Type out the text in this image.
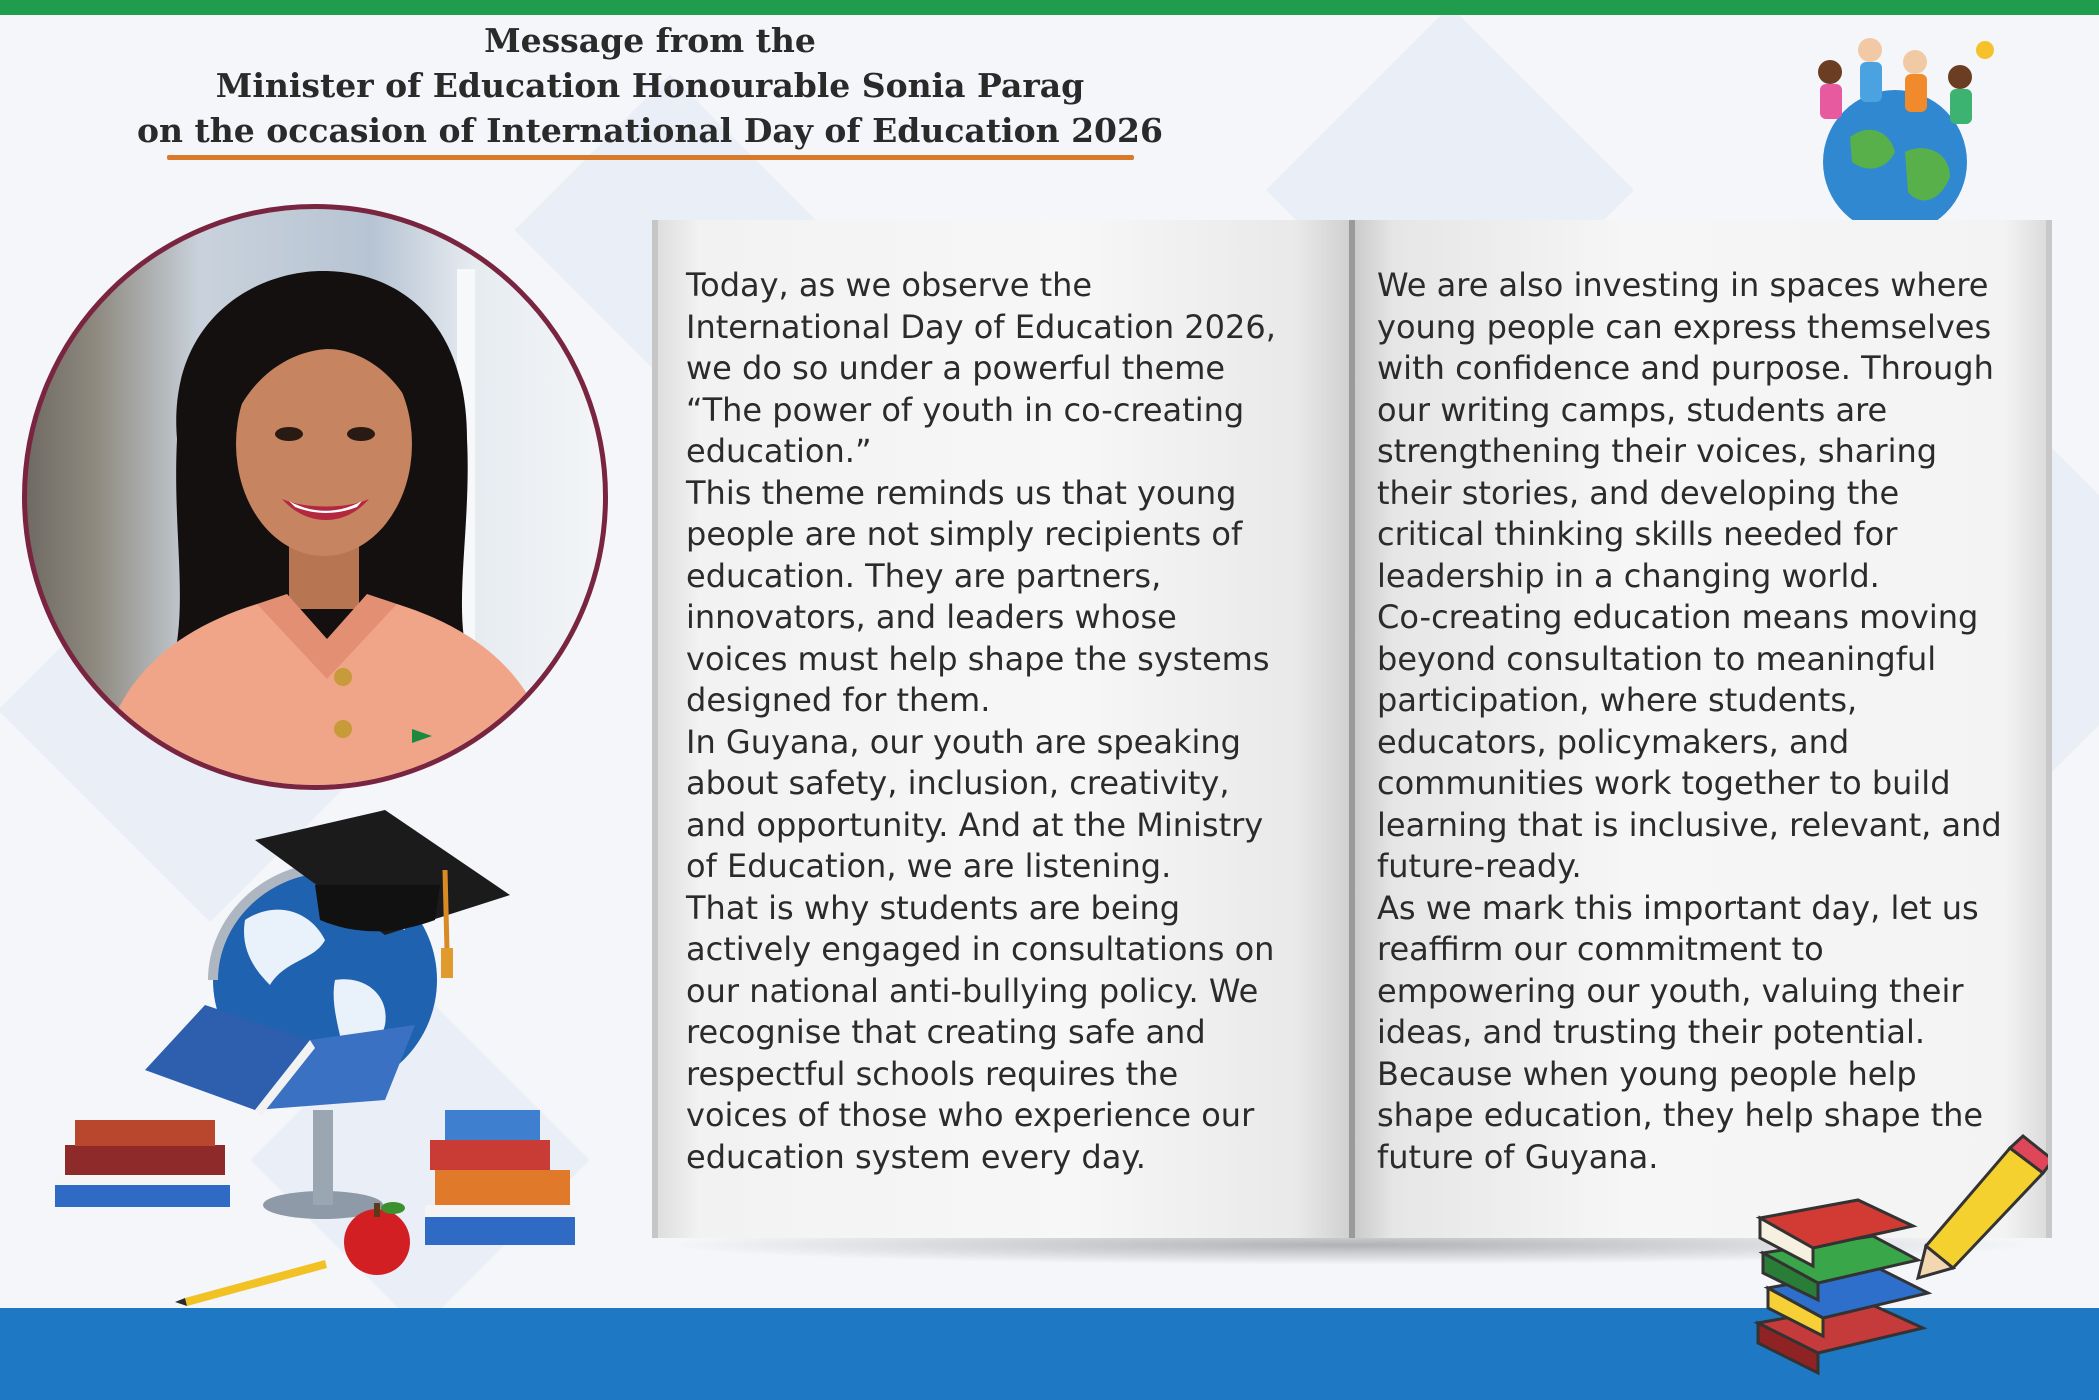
Message from the
Minister of Education Honourable Sonia Parag
on the occasion of International Day of Education 2026
Today, as we observe the
International Day of Education 2026,
we do so under a powerful theme
“The power of youth in co-creating
education.”
This theme reminds us that young
people are not simply recipients of
education. They are partners,
innovators, and leaders whose
voices must help shape the systems
designed for them.
In Guyana, our youth are speaking
about safety, inclusion, creativity,
and opportunity. And at the Ministry
of Education, we are listening.
That is why students are being
actively engaged in consultations on
our national anti-bullying policy. We
recognise that creating safe and
respectful schools requires the
voices of those who experience our
education system every day.
We are also investing in spaces where
young people can express themselves
with confidence and purpose. Through
our writing camps, students are
strengthening their voices, sharing
their stories, and developing the
critical thinking skills needed for
leadership in a changing world.
Co-creating education means moving
beyond consultation to meaningful
participation, where students,
educators, policymakers, and
communities work together to build
learning that is inclusive, relevant, and
future-ready.
As we mark this important day, let us
reaffirm our commitment to
empowering our youth, valuing their
ideas, and trusting their potential.
Because when young people help
shape education, they help shape the
future of Guyana.
